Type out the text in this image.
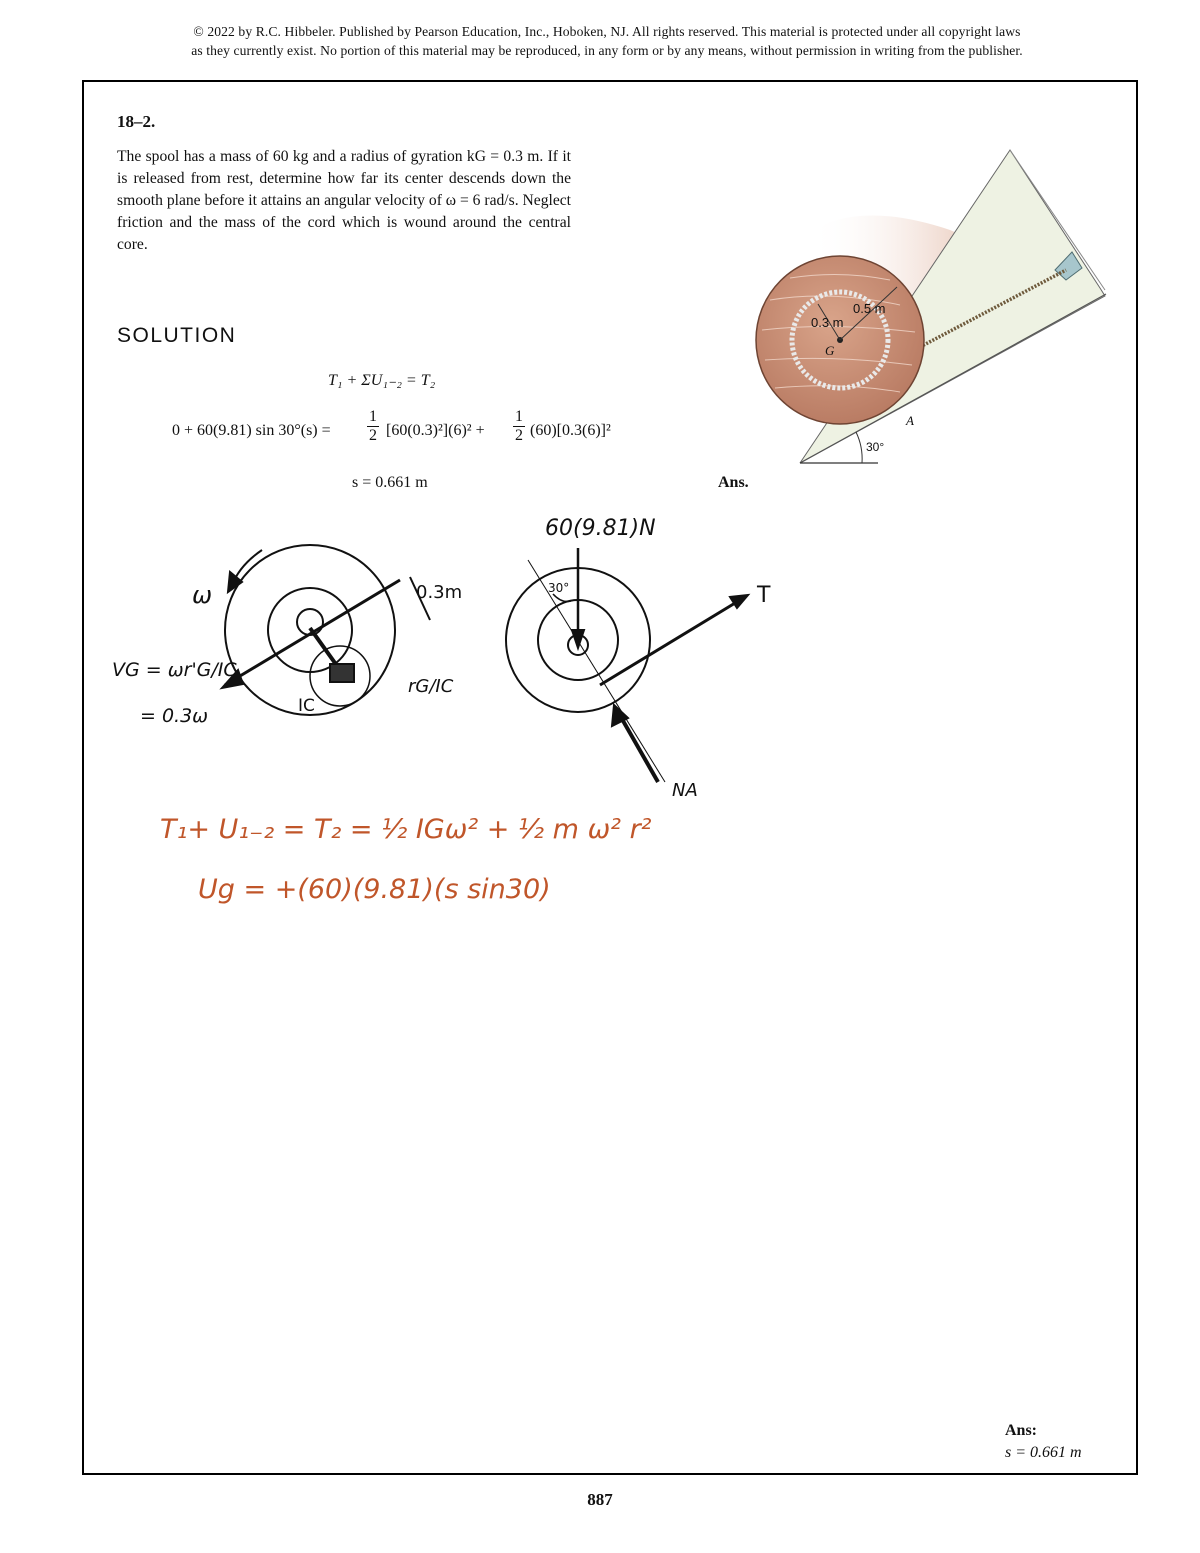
© 2022 by R.C. Hibbeler. Published by Pearson Education, Inc., Hoboken, NJ. All rights reserved. This material is protected under all copyright laws
as they currently exist. No portion of this material may be reproduced, in any form or by any means, without permission in writing from the publisher.
18–2.
The spool has a mass of 60 kg and a radius of gyration kG = 0.3 m. If it is released from rest, determine how far its center descends down the smooth plane before it attains an angular velocity of ω = 6 rad/s. Neglect friction and the mass of the cord which is wound around the central core.
SOLUTION
T₁ + ΣU₁₋₂ = T₂
0 + 60(9.81) $\sin 30^\circ(s) = \frac{1}{2} [60(0.3)^2](6)^2 + \frac{1}{2} (60)[0.3(6)]^2$
s = 0.661 m	Ans.
0.3 m
0.5 m
G
A
30°
ω	0.3m
VG = ωr'G/IC
= 0.3ω	IC
rG/IC
60(9.81)N
30°	T
NA
T₁+ U₁₋₂ = T₂ = ½ IGω² + ½ m ω² r²
Ug = +(60)(9.81)(s sin30)
Ans:
s = 0.661 m
887
